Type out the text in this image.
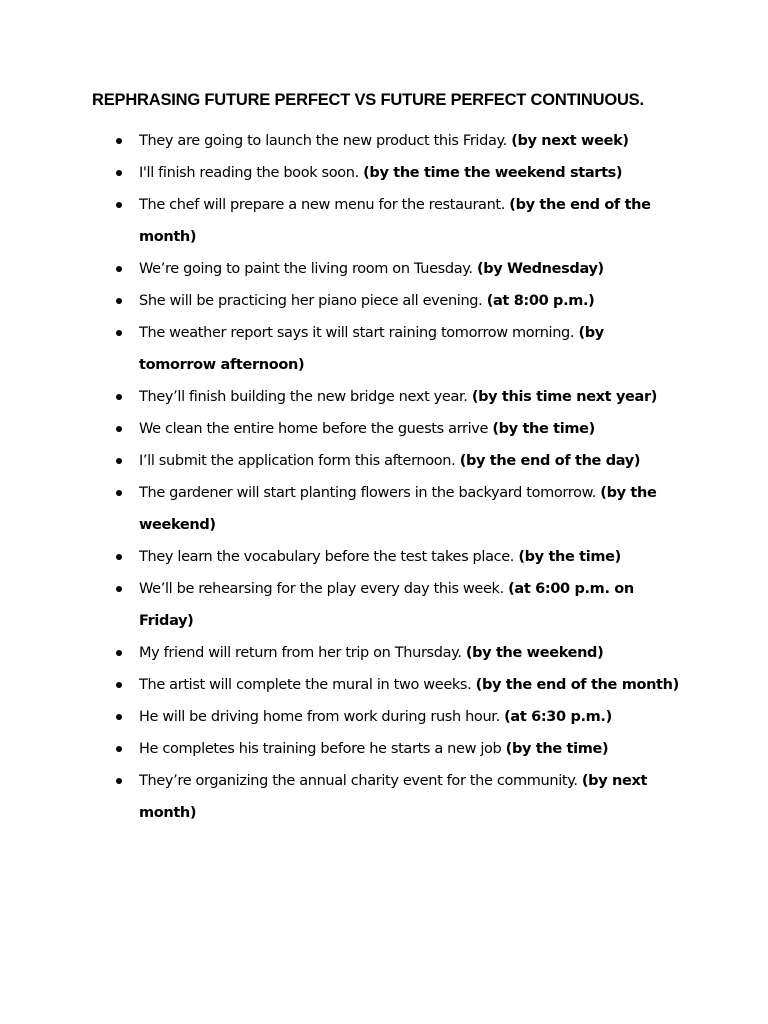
REPHRASING FUTURE PERFECT VS FUTURE PERFECT CONTINUOUS.
They are going to launch the new product this Friday. (by next week)
I'll finish reading the book soon. (by the time the weekend starts)
The chef will prepare a new menu for the restaurant. (by the end of the month)
We’re going to paint the living room on Tuesday. (by Wednesday)
She will be practicing her piano piece all evening. (at 8:00 p.m.)
The weather report says it will start raining tomorrow morning. (by tomorrow afternoon)
They’ll finish building the new bridge next year. (by this time next year)
We clean the entire home before the guests arrive (by the time)
I’ll submit the application form this afternoon. (by the end of the day)
The gardener will start planting flowers in the backyard tomorrow. (by the weekend)
They learn the vocabulary before the test takes place. (by the time)
We’ll be rehearsing for the play every day this week. (at 6:00 p.m. on Friday)
My friend will return from her trip on Thursday. (by the weekend)
The artist will complete the mural in two weeks. (by the end of the month)
He will be driving home from work during rush hour. (at 6:30 p.m.)
He completes his training before he starts a new job (by the time)
They’re organizing the annual charity event for the community. (by next month)
